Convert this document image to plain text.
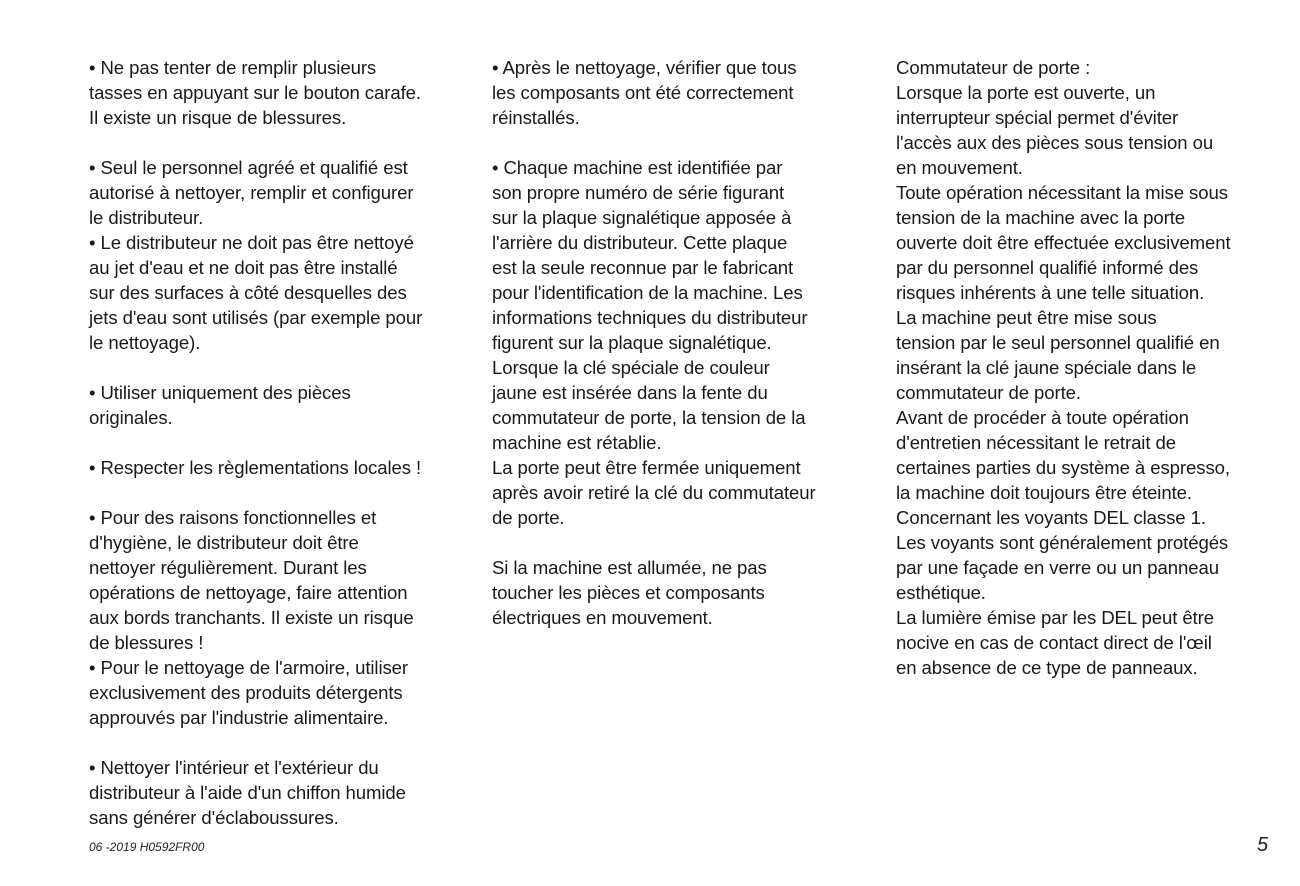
• Ne pas tenter de remplir plusieurs
tasses en appuyant sur le bouton carafe.
Il existe un risque de blessures.
• Seul le personnel agréé et qualifié est
autorisé à nettoyer, remplir et configurer
le distributeur.
• Le distributeur ne doit pas être nettoyé
au jet d'eau et ne doit pas être installé
sur des surfaces à côté desquelles des
jets d'eau sont utilisés (par exemple pour
le nettoyage).
• Utiliser uniquement des pièces
originales.
• Respecter les règlementations locales !
• Pour des raisons fonctionnelles et
d'hygiène, le distributeur doit être
nettoyer régulièrement. Durant les
opérations de nettoyage, faire attention
aux bords tranchants. Il existe un risque
de blessures !
• Pour le nettoyage de l'armoire, utiliser
exclusivement des produits détergents
approuvés par l'industrie alimentaire.
• Nettoyer l'intérieur et l'extérieur du
distributeur à l'aide d'un chiffon humide
sans générer d'éclaboussures.
• Après le nettoyage, vérifier que tous
les composants ont été correctement
réinstallés.
• Chaque machine est identifiée par
son propre numéro de série figurant
sur la plaque signalétique apposée à
l'arrière du distributeur. Cette plaque
est la seule reconnue par le fabricant
pour l'identification de la machine. Les
informations techniques du distributeur
figurent sur la plaque signalétique.
Lorsque la clé spéciale de couleur
jaune est insérée dans la fente du
commutateur de porte, la tension de la
machine est rétablie.
La porte peut être fermée uniquement
après avoir retiré la clé du commutateur
de porte.
Si la machine est allumée, ne pas
toucher les pièces et composants
électriques en mouvement.
Commutateur de porte :
Lorsque la porte est ouverte, un
interrupteur spécial permet d'éviter
l'accès aux des pièces sous tension ou
en mouvement.
Toute opération nécessitant la mise sous
tension de la machine avec la porte
ouverte doit être effectuée exclusivement
par du personnel qualifié informé des
risques inhérents à une telle situation.
La machine peut être mise sous
tension par le seul personnel qualifié en
insérant la clé jaune spéciale dans le
commutateur de porte.
Avant de procéder à toute opération
d'entretien nécessitant le retrait de
certaines parties du système à espresso,
la machine doit toujours être éteinte.
Concernant les voyants DEL classe 1.
Les voyants sont généralement protégés
par une façade en verre ou un panneau
esthétique.
La lumière émise par les DEL peut être
nocive en cas de contact direct de l'œil
en absence de ce type de panneaux.
06 -2019 H0592FR00	5
